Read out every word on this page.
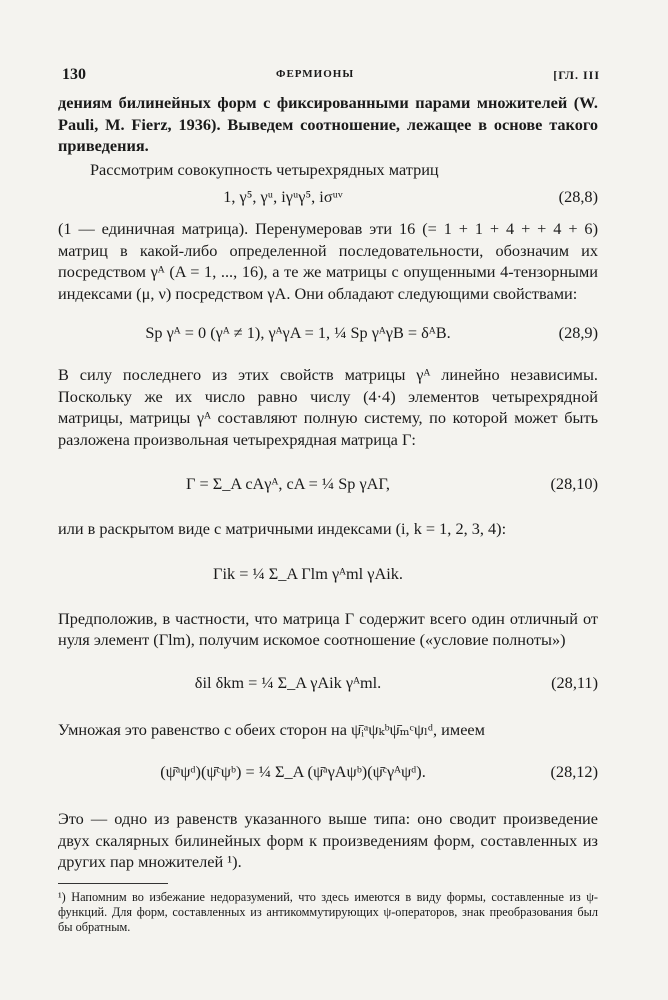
130	ФЕРМИОНЫ	[ГЛ. III

дениям билинейных форм с фиксированными парами множителей (W. Pauli, M. Fierz, 1936). Выведем соотношение, лежащее в основе такого приведения.

Рассмотрим совокупность четырехрядных матриц

1, γ⁵, γᵘ, iγᵘγ⁵, iσᵘᵛ	(28,8)

(1 — единичная матрица). Перенумеровав эти 16 (= 1 + 1 + 4 + + 4 + 6) матриц в какой-либо определенной последовательности, обозначим их посредством γᴬ (A = 1, ..., 16), а те же матрицы с опущенными 4-тензорными индексами (μ, ν) посредством γA. Они обладают следующими свойствами:

Sp γᴬ = 0 (γᴬ ≠ 1), γᴬγA = 1, ¼ Sp γᴬγB = δᴬB.	(28,9)

В силу последнего из этих свойств матрицы γᴬ линейно независимы. Поскольку же их число равно числу (4·4) элементов четырехрядной матрицы, матрицы γᴬ составляют полную систему, по которой может быть разложена произвольная четырехрядная матрица Γ:

Γ = Σ_A cAγᴬ, cA = ¼ Sp γAΓ,	(28,10)

или в раскрытом виде с матричными индексами (i, k = 1, 2, 3, 4):

Γik = ¼ Σ_A Γlm γᴬml γAik.

Предположив, в частности, что матрица Γ содержит всего один отличный от нуля элемент (Γlm), получим искомое соотношение («условие полноты»)

δil δkm = ¼ Σ_A γAik γᴬml.	(28,11)

Умножая это равенство с обеих сторон на ψ̄ᵢᵃψₖᵇψ̄ₘᶜψₗᵈ, имеем

(ψ̄ᵃψᵈ)(ψ̄ᶜψᵇ) = ¼ Σ_A (ψ̄ᵃγAψᵇ)(ψ̄ᶜγᴬψᵈ).	(28,12)

Это — одно из равенств указанного выше типа: оно сводит произведение двух скалярных билинейных форм к произведениям форм, составленных из других пар множителей ¹).

¹) Напомним во избежание недоразумений, что здесь имеются в виду формы, составленные из ψ-функций. Для форм, составленных из антикоммутирующих ψ-операторов, знак преобразования был бы обратным.
